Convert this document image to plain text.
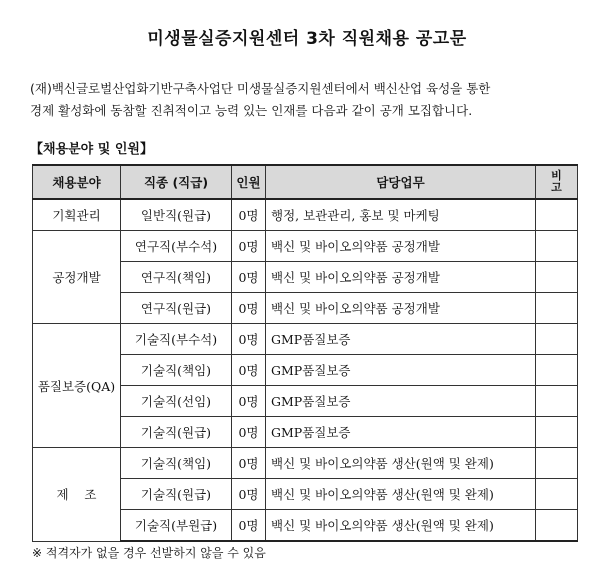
미생물실증지원센터 3차 직원채용 공고문
(재)백신글로벌산업화기반구축사업단 미생물실증지원센터에서 백신산업 육성을 통한
경제 활성화에 동참할 진취적이고 능력 있는 인재를 다음과 같이 공개 모집합니다.
【채용분야 및 인원】
채용분야	직종 (직급)	인원	담당업무	비
고
기획관리	일반직(원급)	0명	행정, 보관관리, 홍보 및 마케팅	
공정개발	연구직(부수석)	0명	백신 및 바이오의약품 공정개발	
	연구직(책임)	0명	백신 및 바이오의약품 공정개발	
	연구직(원급)	0명	백신 및 바이오의약품 공정개발	
품질보증(QA)	기술직(부수석)	0명	GMP품질보증	
	기술직(책임)	0명	GMP품질보증	
	기술직(선임)	0명	GMP품질보증	
	기술직(원급)	0명	GMP품질보증	
제    조	기술직(책임)	0명	백신 및 바이오의약품 생산(원액 및 완제)	
	기술직(원급)	0명	백신 및 바이오의약품 생산(원액 및 완제)	
	기술직(부원급)	0명	백신 및 바이오의약품 생산(원액 및 완제)	
※ 적격자가 없을 경우 선발하지 않을 수 있음
